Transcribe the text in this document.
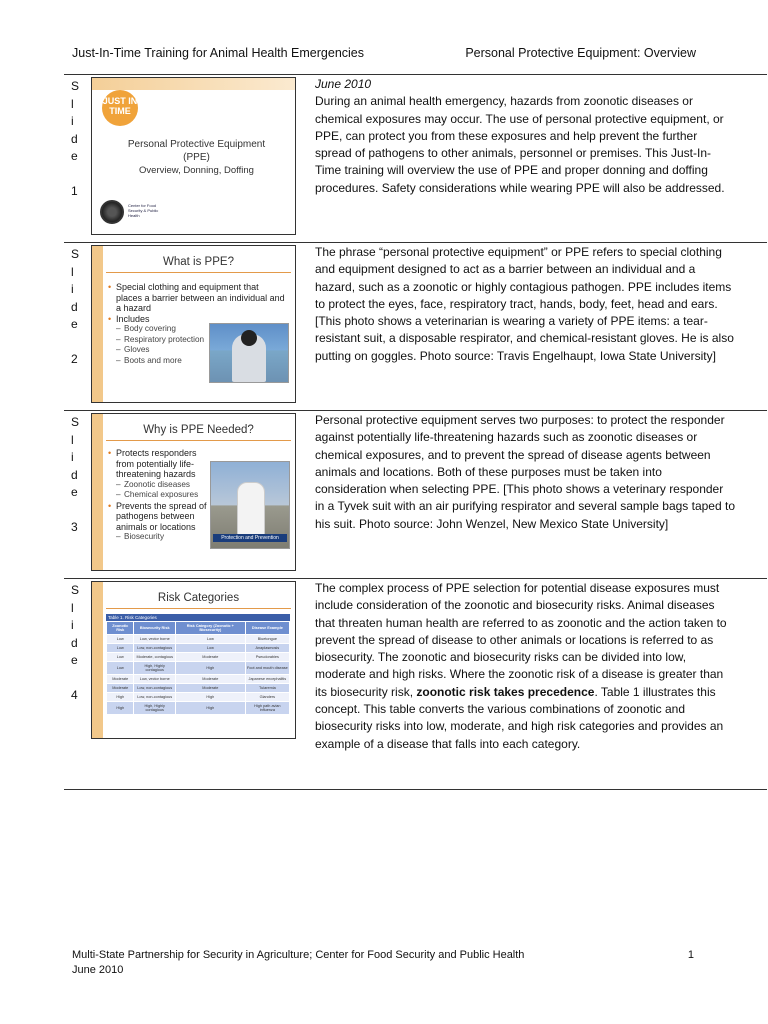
Just-In-Time Training for Animal Health Emergencies	Personal Protective Equipment: Overview
S
l
i
d
e

1
JUST IN TIME
Personal Protective Equipment
(PPE)
Overview, Donning, Doffing
Center for Food Security & Public Health

June 2010

During an animal health emergency, hazards from zoonotic diseases or chemical exposures may occur. The use of personal protective equipment, or PPE, can protect you from these exposures and help prevent the further spread of pathogens to other animals, personnel or premises. This Just-In-Time training will overview the use of PPE and proper donning and doffing procedures. Safety considerations while wearing PPE will also be addressed.

S
l
i
d
e

2
What is PPE?
• Special clothing and equipment that places a barrier between an individual and a hazard
• Includes
– Body covering
– Respiratory protection
– Gloves
– Boots and more

The phrase “personal protective equipment” or PPE refers to special clothing and equipment designed to act as a barrier between an individual and a hazard, such as a zoonotic or highly contagious pathogen. PPE includes items to protect the eyes, face, respiratory tract, hands, body, feet, head and ears. [This photo shows a veterinarian is wearing a variety of PPE items: a tear-resistant suit, a disposable respirator, and chemical-resistant gloves. He is also putting on goggles. Photo source: Travis Engelhaupt, Iowa State University]

S
l
i
d
e

3
Why is PPE Needed?
• Protects responders from potentially life-threatening hazards
– Zoonotic diseases
– Chemical exposures
• Prevents the spread of pathogens between animals or locations
– Biosecurity	Protection and Prevention

Personal protective equipment serves two purposes: to protect the responder against potentially life-threatening hazards such as zoonotic diseases or chemical exposures, and to prevent the spread of disease agents between animals and locations. Both of these purposes must be taken into consideration when selecting PPE. [This photo shows a veterinary responder in a Tyvek suit with an air purifying respirator and several sample bags taped to his suit. Photo source: John Wenzel, New Mexico State University]

S
l
i
d
e

4
Risk Categories
Table 1. Risk Categories
Zoonotic Risk	Biosecurity Risk	Risk Category (Zoonotic + Biosecurity)	Disease Example
Low	Low, vector borne	Low	Bluetongue
Low	Low, non-contagious	Low	Anaplasmosis
Low	Moderate, contagious	Moderate	Pseudorabies
Low	High, Highly contagious	High	Foot and mouth disease
Moderate	Low, vector borne	Moderate	Japanese encephalitis
Moderate	Low, non-contagious	Moderate	Tularemia
High	Low, non-contagious	High	Glanders
High	High, Highly contagious	High	High path avian influenza

The complex process of PPE selection for potential disease exposures must include consideration of the zoonotic and biosecurity risks. Animal diseases that threaten human health are referred to as zoonotic and the action taken to prevent the spread of disease to other animals or locations is referred to as biosecurity. The zoonotic and biosecurity risks can be divided into low, moderate and high risks. Where the zoonotic risk of a disease is greater than its biosecurity risk, zoonotic risk takes precedence. Table 1 illustrates this concept. This table converts the various combinations of zoonotic and biosecurity risks into low, moderate, and high risk categories and provides an example of a disease that falls into each category.

Multi-State Partnership for Security in Agriculture; Center for Food Security and Public Health
June 2010
1
